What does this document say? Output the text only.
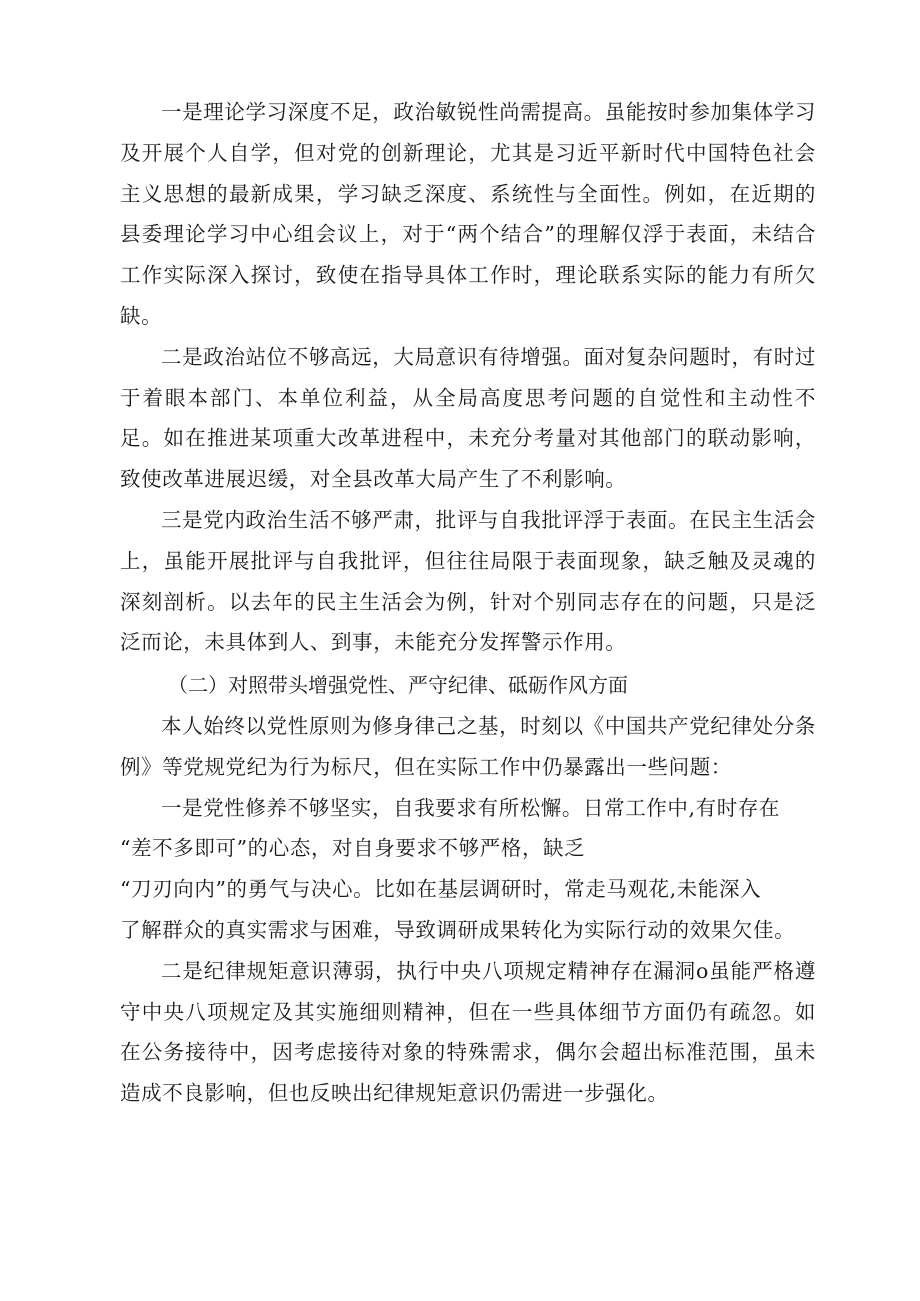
一是理论学习深度不足，政治敏锐性尚需提高。虽能按时参加集体学习及开展个人自学，但对党的创新理论，尤其是习近平新时代中国特色社会主义思想的最新成果，学习缺乏深度、系统性与全面性。例如，在近期的县委理论学习中心组会议上，对于“两个结合”的理解仅浮于表面，未结合工作实际深入探讨，致使在指导具体工作时，理论联系实际的能力有所欠缺。

二是政治站位不够高远，大局意识有待增强。面对复杂问题时，有时过于着眼本部门、本单位利益，从全局高度思考问题的自觉性和主动性不足。如在推进某项重大改革进程中，未充分考量对其他部门的联动影响，致使改革进展迟缓，对全县改革大局产生了不利影响。

三是党内政治生活不够严肃，批评与自我批评浮于表面。在民主生活会上，虽能开展批评与自我批评，但往往局限于表面现象，缺乏触及灵魂的深刻剖析。以去年的民主生活会为例，针对个别同志存在的问题，只是泛泛而论，未具体到人、到事，未能充分发挥警示作用。

（二）对照带头增强党性、严守纪律、砥砺作风方面

本人始终以党性原则为修身律己之基，时刻以《中国共产党纪律处分条例》等党规党纪为行为标尺，但在实际工作中仍暴露出一些问题：

一是党性修养不够坚实，自我要求有所松懈。日常工作中,有时存在

“差不多即可”的心态，对自身要求不够严格，缺乏

“刀刃向内”的勇气与决心。比如在基层调研时，常走马观花,未能深入

了解群众的真实需求与困难，导致调研成果转化为实际行动的效果欠佳。

二是纪律规矩意识薄弱，执行中央八项规定精神存在漏洞o虽能严格遵守中央八项规定及其实施细则精神，但在一些具体细节方面仍有疏忽。如在公务接待中，因考虑接待对象的特殊需求，偶尔会超出标准范围，虽未造成不良影响，但也反映出纪律规矩意识仍需进一步强化。
